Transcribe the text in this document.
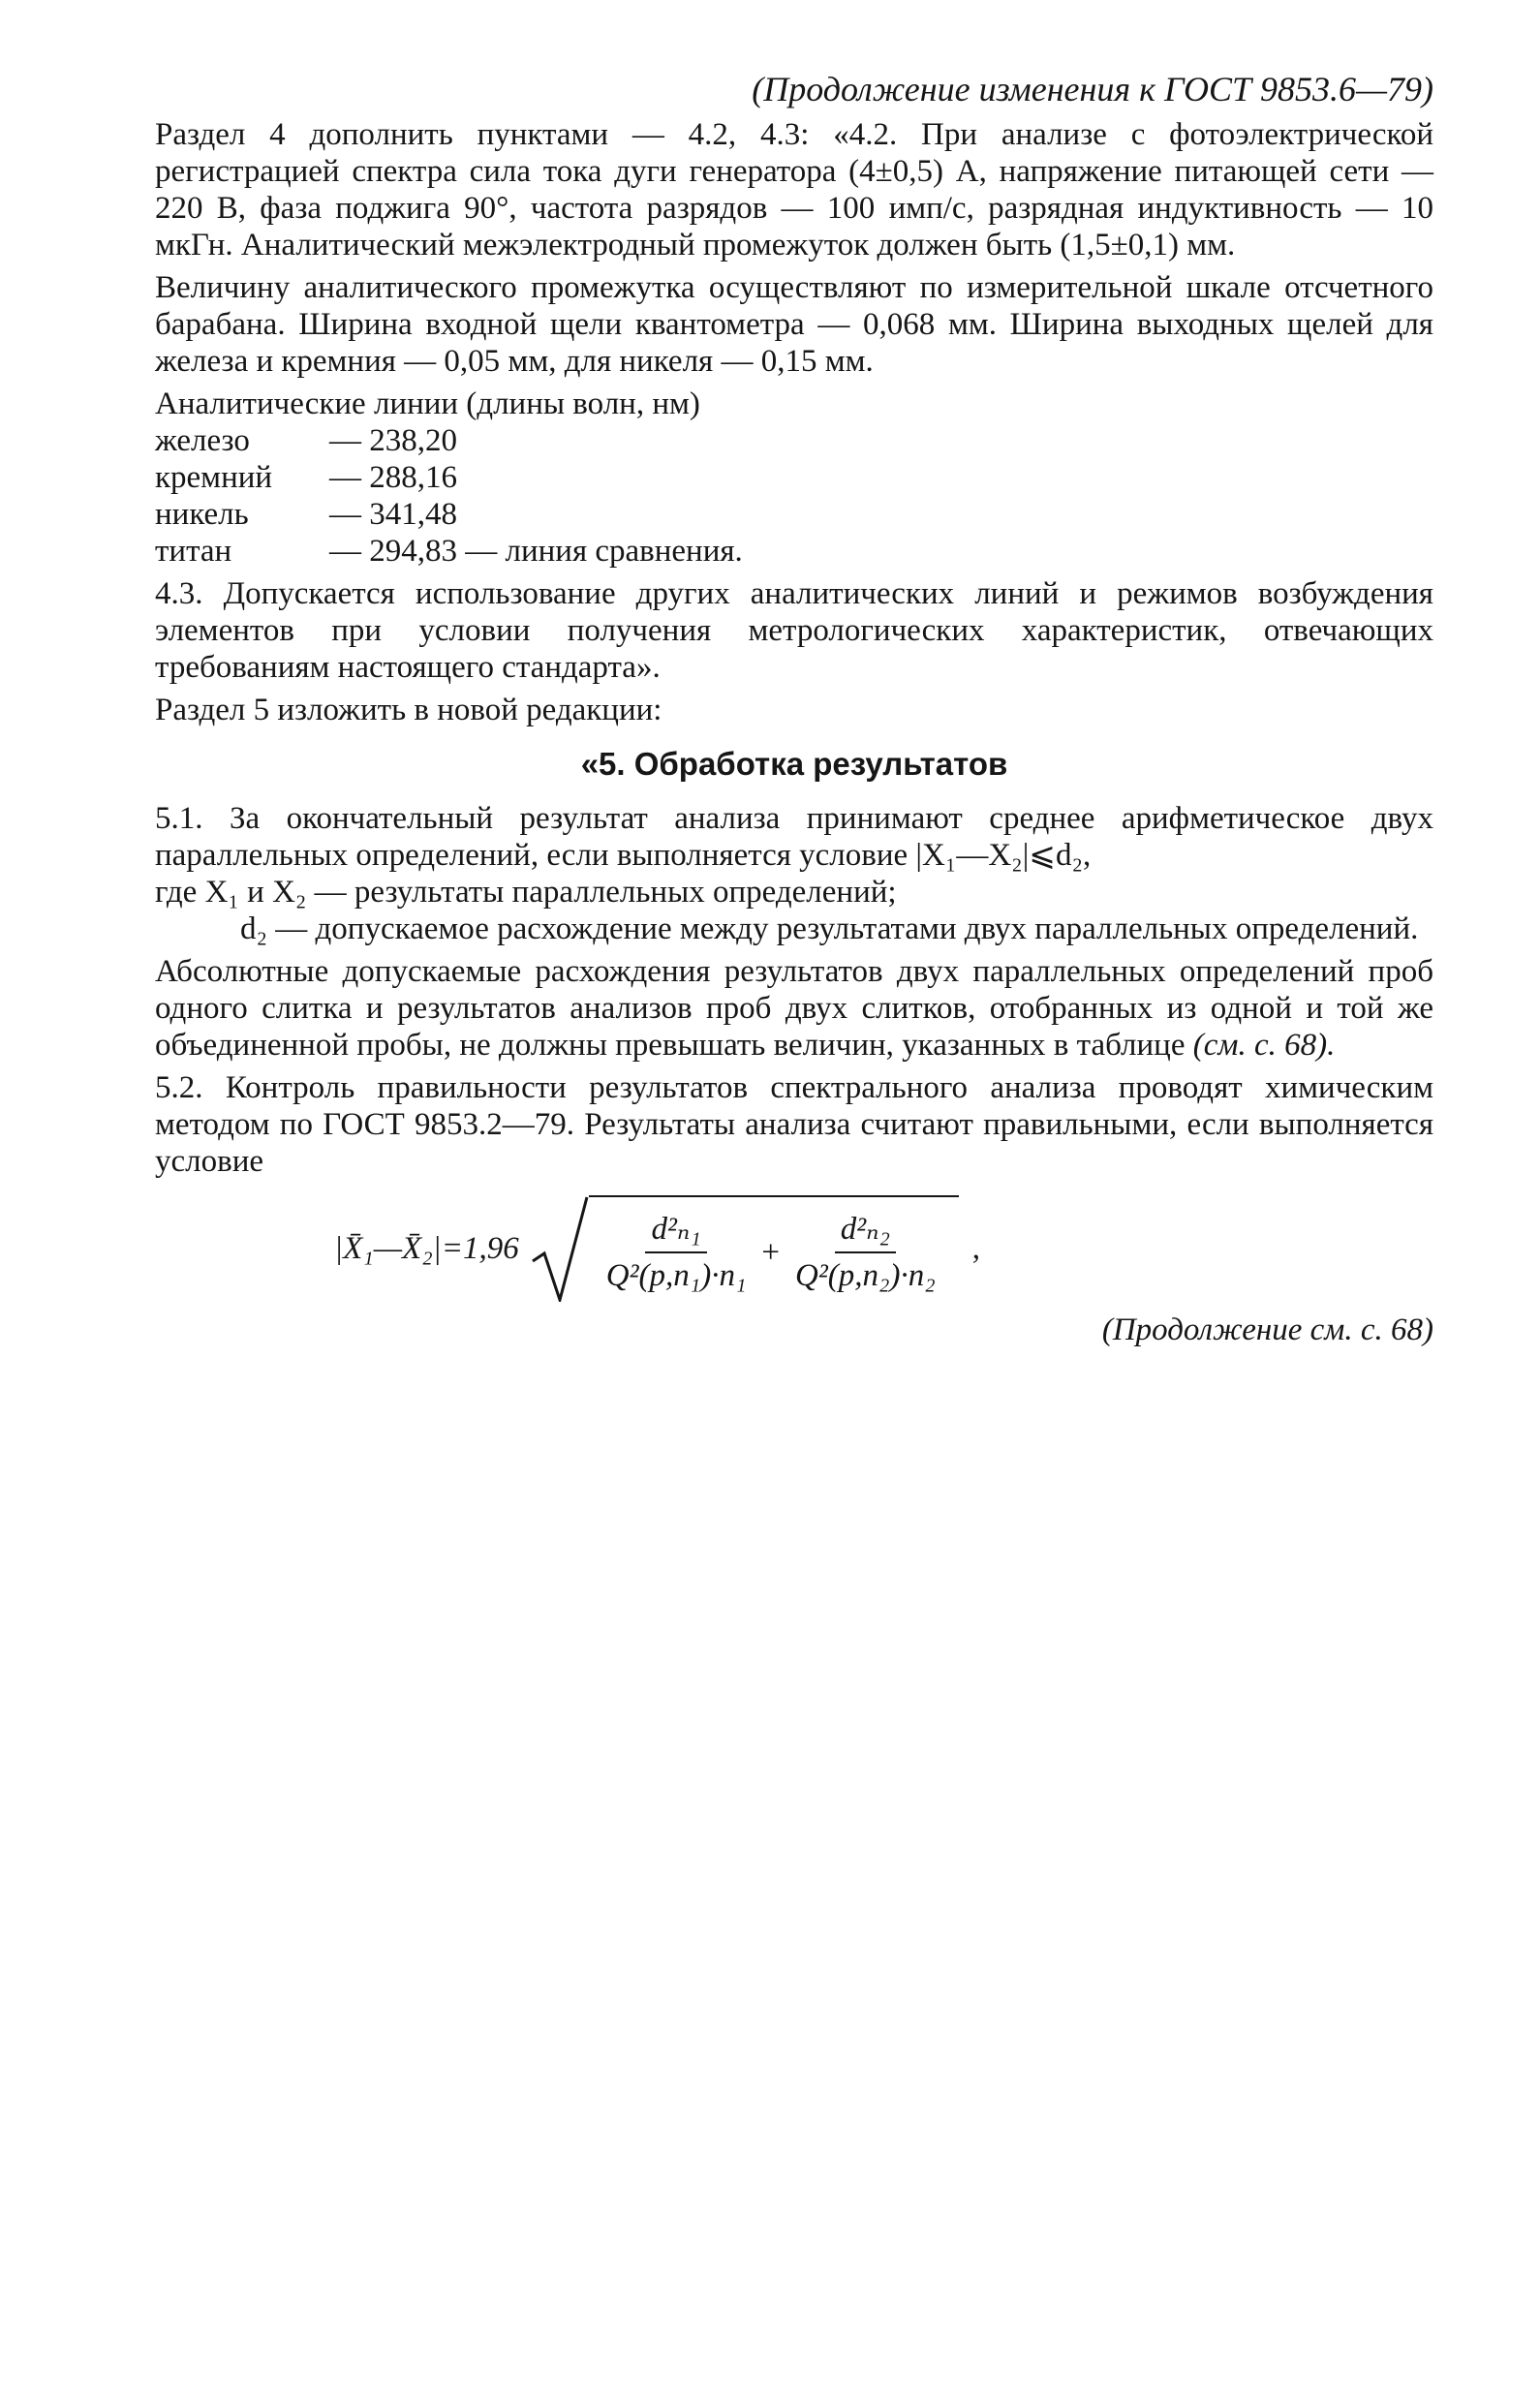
(Продолжение изменения к ГОСТ 9853.6—79)

Раздел 4 дополнить пунктами — 4.2, 4.3: «4.2. При анализе с фотоэлектрической регистрацией спектра сила тока дуги генератора (4±0,5) А, напряжение питающей сети — 220 В, фаза поджига 90°, частота разрядов — 100 имп/с, разрядная индуктивность — 10 мкГн. Аналитический межэлектродный промежуток должен быть (1,5±0,1) мм.

Величину аналитического промежутка осуществляют по измерительной шкале отсчетного барабана. Ширина входной щели квантометра — 0,068 мм. Ширина выходных щелей для железа и кремния — 0,05 мм, для никеля — 0,15 мм.

Аналитические линии (длины волн, нм)

железо	— 238,20
кремний	— 288,16
никель	— 341,48
титан	— 294,83 — линия сравнения.

4.3. Допускается использование других аналитических линий и режимов возбуждения элементов при условии получения метрологических характеристик, отвечающих требованиям настоящего стандарта».

Раздел 5 изложить в новой редакции:

«5. Обработка результатов

5.1. За окончательный результат анализа принимают среднее арифметическое двух параллельных определений, если выполняется условие |X₁—X₂|⩽d₂,

где X₁ и X₂ — результаты параллельных определений;

d₂ — допускаемое расхождение между результатами двух параллельных определений.

Абсолютные допускаемые расхождения результатов двух параллельных определений проб одного слитка и результатов анализов проб двух слитков, отобранных из одной и той же объединенной пробы, не должны превышать величин, указанных в таблице (см. с. 68).

5.2. Контроль правильности результатов спектрального анализа проводят химическим методом по ГОСТ 9853.2—79. Результаты анализа считают правильными, если выполняется условие

|X̄₁—X̄₂|=1,96	$\frac{\text{d²ₙ₁}}{\text{Q²(p,n₁)·n₁}} + \frac{\text{d²ₙ₂}}{\text{Q²(p,n₂)·n₂}}$ ,
(Продолжение см. с. 68)
